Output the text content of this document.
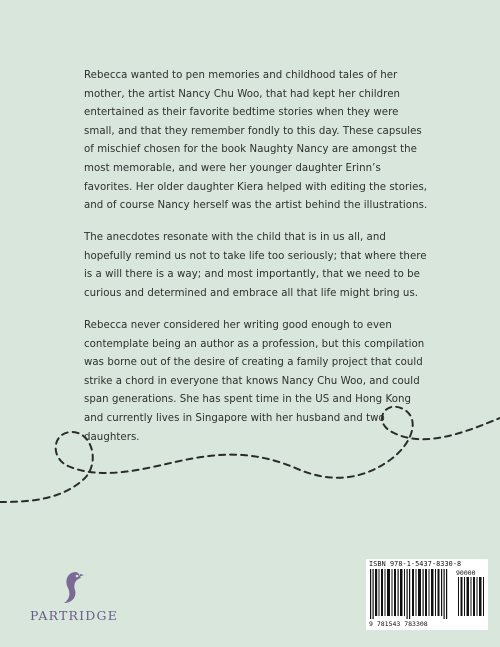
Rebecca wanted to pen memories and childhood tales of her mother, the artist Nancy Chu Woo, that had kept her children entertained as their favorite bedtime stories when they were small, and that they remember fondly to this day. These capsules of mischief chosen for the book Naughty Nancy are amongst the most memorable, and were her younger daughter Erinn’s favorites. Her older daughter Kiera helped with editing the stories, and of course Nancy herself was the artist behind the illustrations.
The anecdotes resonate with the child that is in us all, and hopefully remind us not to take life too seriously; that where there is a will there is a way; and most importantly, that we need to be curious and determined and embrace all that life might bring us.
Rebecca never considered her writing good enough to even contemplate being an author as a profession, but this compilation was borne out of the desire of creating a family project that could strike a chord in everyone that knows Nancy Chu Woo, and could span generations. She has spent time in the US and Hong Kong and currently lives in Singapore with her husband and two daughters.
PARTRIDGE
ISBN 978-1-5437-8330-8
90000
9 781543 783308
